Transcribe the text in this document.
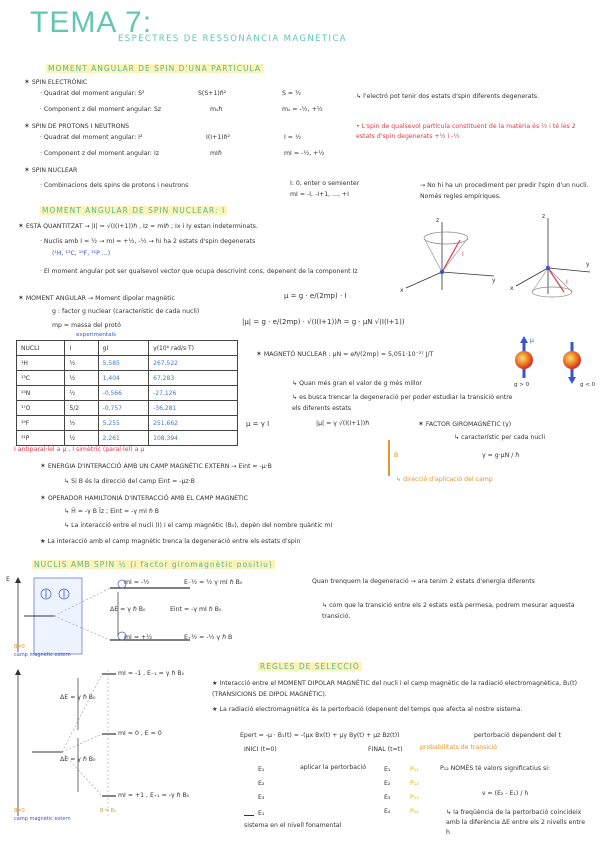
TEMA 7:
ESPECTRES DE RESSONÀNCIA MAGNÈTICA
MOMENT ANGULAR DE SPIN D'UNA PARTÍCULA
✶ SPIN ELECTRÒNIC
· Quadrat del moment angular: S²	S(S+1)ℏ²	S = ½
· Component z del moment angular: Sz	mₛℏ	mₛ = -½, +½
↳ l'electró pot tenir dos estats d'spin diferents degenerats.
✶ SPIN DE PROTONS I NEUTRONS
· Quadrat del moment angular: I²	I(I+1)ℏ²	I = ½
· Component z del moment angular: Iz	mIℏ	mI = -½, +½
• L'spin de qualsevol partícula constituent de la matèria és ½ i té les 2 estats d'spin degenerats +½ i -½
✶ SPIN NUCLEAR
· Combinacions dels spins de protons i neutrons	I: 0, enter o semienter
mI = -I, -I+1, ..., +I
→ No hi ha un procediment per predir l'spin d'un nucli. Només regles empíriques.
MOMENT ANGULAR DE SPIN NUCLEAR: I
✶ ESTÀ QUANTITZAT → |I| = √(I(I+1))ℏ , Iz = mIℏ ; Ix i Iy estan indeterminats.
· Nuclis amb I = ½ → mI = +½, -½ → hi ha 2 estats d'spin degenerats
(¹H, ¹³C, ¹⁹F, ³¹P ...)
· El moment angular pot ser qualsevol vector que ocupa descrivint cons, depenent de la component Iz
z
x
y
I
z
x
y
I
✶ MOMENT ANGULAR → Moment dipolar magnètic	μ = g · e/(2mp) · I
g : factor g nuclear (característic de cada nucli)
mp = massa del protó	|μ| = g · e/(2mp) · √(I(I+1))ℏ = g · μN √(I(I+1))
experimentals
NUCLI	I	gI	γ(10⁶ rad/s·T)
¹H	½	5,585	267,522
¹³C	½	1,404	67,283
¹⁵N	½	-0,566	-27,126
¹⁷O	5/2	-0,757	-36,281
¹⁹F	½	5,255	251,662
³¹P	½	2,261	108,394
✶ MAGNETÓ NUCLEAR : μN = eℏ/(2mp) = 5,051·10⁻²⁷ J/T
μ
g > 0	g < 0
↳ Quan més gran el valor de g més millor
↳ es busca trencar la degeneració per poder estudiar la transició entre els diferents estats
μ = γ I	|μ| = γ √(I(I+1))ℏ	✶ FACTOR GIROMAGNÈTIC (γ)
↳ característic per cada nucli
γ = g·μN / ℏ
B
↳ direcció d'aplicació del camp
I antiparal·lel a μ , I simètric (paral·lel) a μ
✶ ENERGIA D'INTERACCIÓ AMB UN CAMP MAGNÈTIC EXTERN → Eint = -μ·B
↳ Si B és la direcció del camp Eint = -μz·B
✶ OPERADOR HAMILTONIÀ D'INTERACCIÓ AMB EL CAMP MAGNÈTIC
↳ Ĥ = -γ B Îz ; Eint = -γ mI ℏ B
↳ La interacció entre el nucli (I) i el camp magnètic (B₀), depèn del nombre quàntic mI
★ La interacció amb el camp magnètic trenca la degeneració entre els estats d'spin
NUCLIS AMB SPIN ½ (i factor giromagnètic positiu)
E	mI = -½	E₋½ = ½ γ mI ℏ B₀
mI = +½	E₊½ = -½ γ ℏ B
ΔE = γ ℏ B₀	Eint = -γ mI ℏ B₀
B=0
camp magnètic extern
Quan trenquem la degeneració → ara tenim 2 estats d'energia diferents
↳ com que la transició entre els 2 estats està permesa, podrem mesurar aquesta transició.
REGLES DE SELECCIÓ
mI = -1 , E₋₁ = γ ℏ B₀
mI = 0 , E = 0
mI = +1 , E₊₁ = -γ ℏ B₀
ΔE = γ ℏ B₀
ΔE = γ ℏ B₀
B=0	B = B₀
camp magnètic extern
★ Interacció entre el MOMENT DIPOLAR MAGNÈTIC del nucli i el camp magnètic de la radiació electromagnètica, B₁(t) (TRANSICIONS DE DIPOL MAGNÈTIC).
★ La radiació electromagnètica és la pertorbació (depenent del temps que afecta al nostre sistema.
Epert = -μ · B₁(t) = -(μx Bx(t) + μy By(t) + μz Bz(t))	pertorbació dependent del t
INICI (t=0)	FINAL (t=t)	probabilitats de transició
E₁
E₂
E₃
E₁
aplicar la pertorbació	E₁
E₂
E₃
E₄
P₁₁
P₁₂
P₁₃
P₁₄
sistema en el nivell fonamental
P₁₂ NOMÉS té valors significatius si:
ν = (E₂ - E₁) / h
↳ la freqüència de la pertorbació coincideix amb la diferència ΔE entre els 2 nivells entre h
